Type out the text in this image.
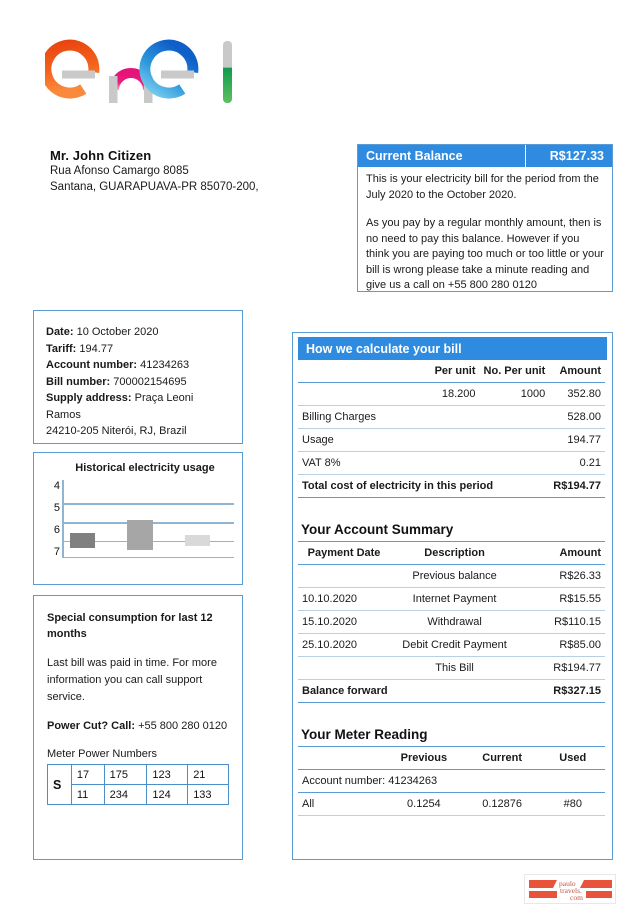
Mr. John Citizen
Rua Afonso Camargo 8085
Santana, GUARAPUAVA-PR 85070-200,
Current Balance	R$127.33

This is your electricity bill for the period from the July 2020 to the October 2020.

As you pay by a regular monthly amount, then is no need to pay this balance. However if you think you are paying too much or too little or your bill is wrong please take a minute reading and give us a call on +55 800 280 0120

Date: 10 October 2020
Tariff: 194.77
Account number: 41234263
Bill number: 700002154695
Supply address: Praça Leoni Ramos
24210-205 Niterói, RJ, Brazil
Historical electricity usage
4
5
6
7
Special consumption for last 12 months
Last bill was paid in time. For more information you can call support service.
Power Cut? Call: +55 800 280 0120
Meter Power Numbers
S	17	175	123	21
	11	234	124	133
How we calculate your bill
	Per unit	No. Per unit	Amount
	18.200	1000	352.80
Billing Charges			528.00
Usage			194.77
VAT 8%			0.21
Total cost of electricity in this period			R$194.77
Your Account Summary
Payment Date	Description	Amount
	Previous balance	R$26.33
10.10.2020	Internet Payment	R$15.55
15.10.2020	Withdrawal	R$110.15
25.10.2020	Debit Credit Payment	R$85.00
	This Bill	R$194.77
Balance forward		R$327.15
Your Meter Reading
	Previous	Current	Used
Account number: 41234263			
All	0.1254	0.12876	#80
paulo
travels.
com
